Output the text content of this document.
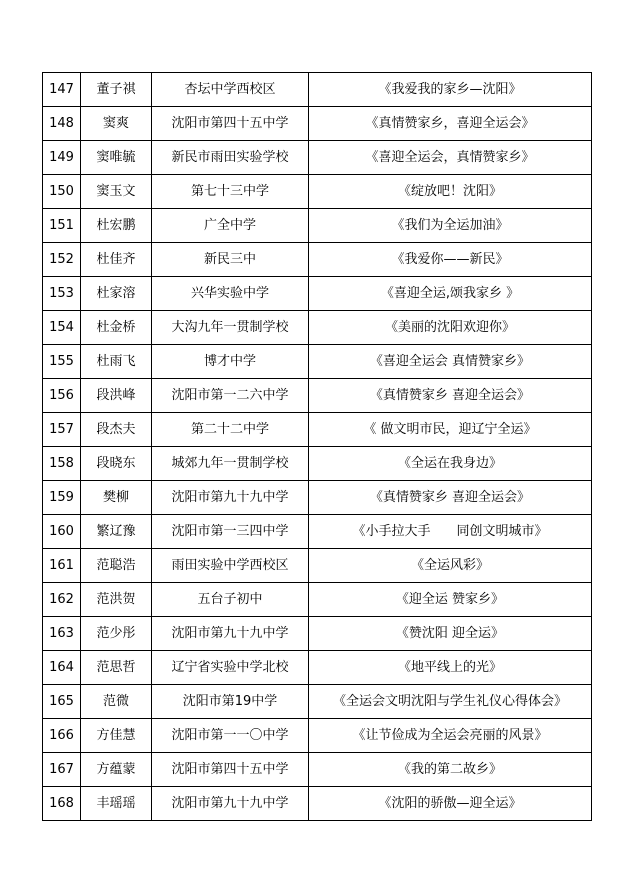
147	董子祺	杏坛中学西校区	《我爱我的家乡—沈阳》
148	窦爽	沈阳市第四十五中学	《真情赞家乡，喜迎全运会》
149	窦唯毓	新民市雨田实验学校	《喜迎全运会，真情赞家乡》
150	窦玉文	第七十三中学	《绽放吧！沈阳》
151	杜宏鹏	广全中学	《我们为全运加油》
152	杜佳齐	新民三中	《我爱你——新民》
153	杜家溶	兴华实验中学	《喜迎全运,颂我家乡 》
154	杜金桥	大沟九年一贯制学校	《美丽的沈阳欢迎你》
155	杜雨飞	博才中学	《喜迎全运会 真情赞家乡》
156	段洪峰	沈阳市第一二六中学	《真情赞家乡 喜迎全运会》
157	段杰夫	第二十二中学	《 做文明市民，迎辽宁全运》
158	段晓东	城郊九年一贯制学校	《全运在我身边》
159	樊柳	沈阳市第九十九中学	《真情赞家乡 喜迎全运会》
160	繁辽豫	沈阳市第一三四中学	《小手拉大手　　同创文明城市》
161	范聪浩	雨田实验中学西校区	《全运风彩》
162	范洪贺	五台子初中	《迎全运 赞家乡》
163	范少彤	沈阳市第九十九中学	《赞沈阳 迎全运》
164	范思哲	辽宁省实验中学北校	《地平线上的光》
165	范微	沈阳市第19中学	《全运会文明沈阳与学生礼仪心得体会》
166	方佳慧	沈阳市第一一〇中学	《让节俭成为全运会亮丽的风景》
167	方蕴蒙	沈阳市第四十五中学	《我的第二故乡》
168	丰瑶瑶	沈阳市第九十九中学	《沈阳的骄傲—迎全运》
